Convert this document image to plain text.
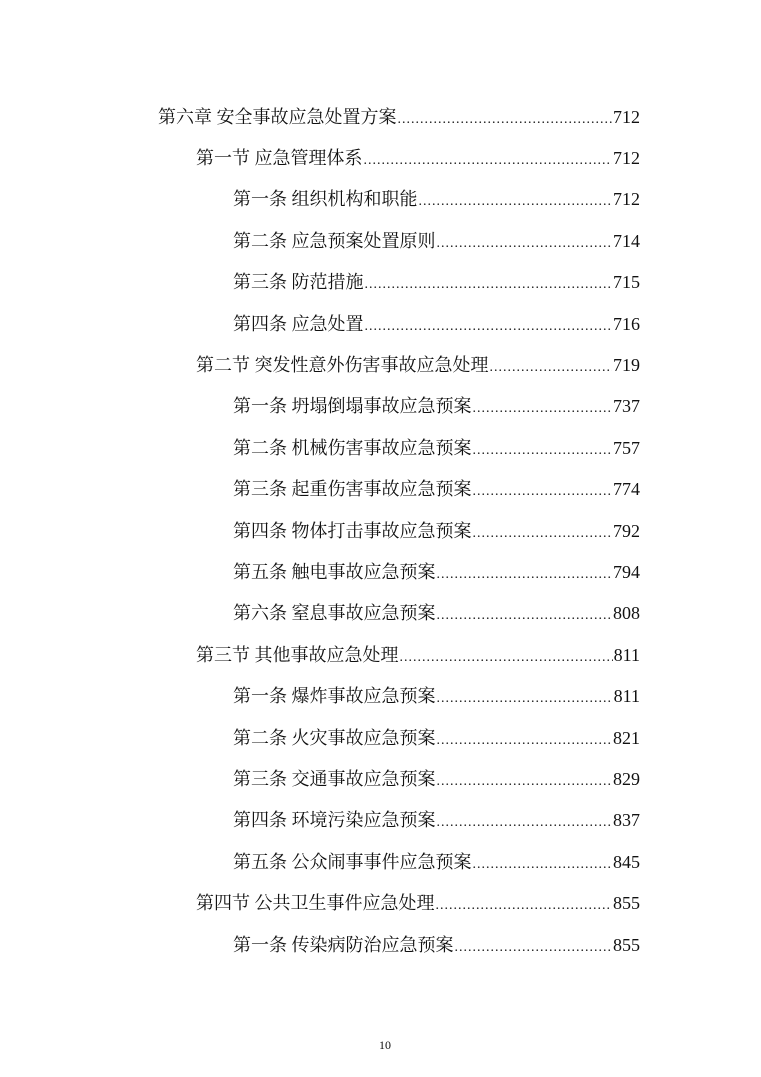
第六章 安全事故应急处置方案 .....	712
第一节 应急管理体系 .....	712
第一条 组织机构和职能 .....	712
第二条 应急预案处置原则 .....	714
第三条 防范措施 .....	715
第四条 应急处置 .....	716
第二节 突发性意外伤害事故应急处理 .....	719
第一条 坍塌倒塌事故应急预案 .....	737
第二条 机械伤害事故应急预案 .....	757
第三条 起重伤害事故应急预案 .....	774
第四条 物体打击事故应急预案 .....	792
第五条 触电事故应急预案 .....	794
第六条 窒息事故应急预案 .....	808
第三节 其他事故应急处理 .....	811
第一条 爆炸事故应急预案 .....	811
第二条 火灾事故应急预案 .....	821
第三条 交通事故应急预案 .....	829
第四条 环境污染应急预案 .....	837
第五条 公众闹事事件应急预案 .....	845
第四节 公共卫生事件应急处理 .....	855
第一条 传染病防治应急预案 .....	855
10
